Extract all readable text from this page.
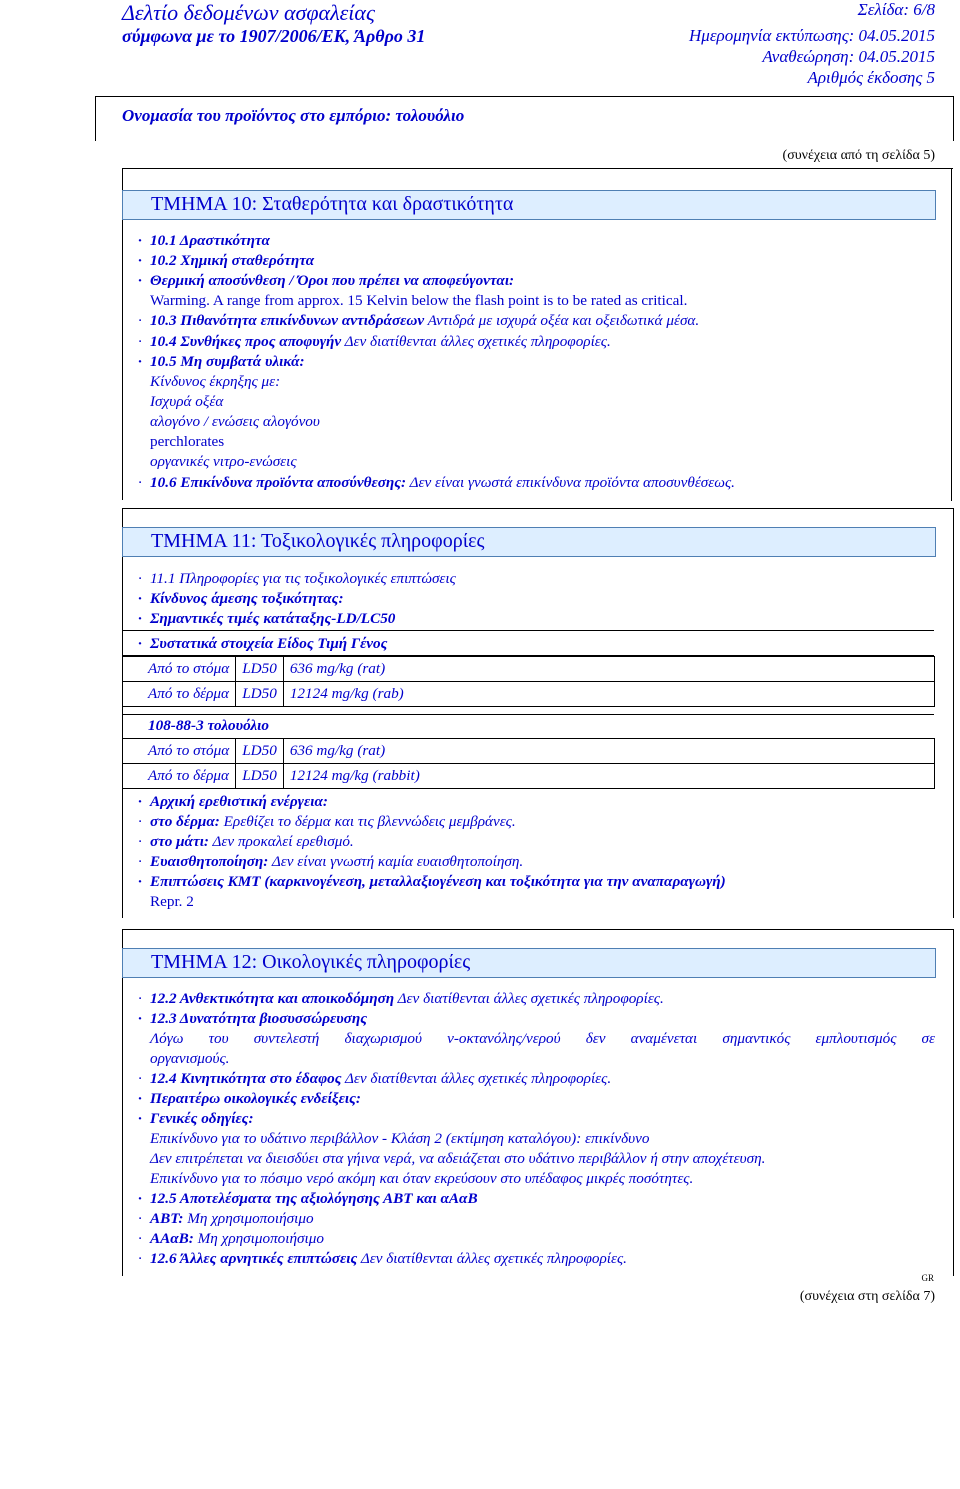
Δελτίο δεδομένων ασφαλείας
σύμφωνα με το 1907/2006/ΕΚ, Άρθρο 31
Σελίδα: 6/8
Ημερομηνία εκτύπωσης: 04.05.2015
Αναθεώρηση: 04.05.2015
Αριθμός έκδοσης 5
Ονομασία του προϊόντος στο εμπόριο: τολουόλιο
(συνέχεια από τη σελίδα 5)
ΤΜΗΜΑ 10: Σταθερότητα και δραστικότητα
· 10.1 Δραστικότητα
· 10.2 Χημική σταθερότητα
· Θερμική αποσύνθεση / Όροι που πρέπει να αποφεύγονται:
Warming. A range from approx. 15 Kelvin below the flash point is to be rated as critical.
· 10.3 Πιθανότητα επικίνδυνων αντιδράσεων Αντιδρά με ισχυρά οξέα και οξειδωτικά μέσα.
· 10.4 Συνθήκες προς αποφυγήν Δεν διατίθενται άλλες σχετικές πληροφορίες.
· 10.5 Μη συμβατά υλικά:
Κίνδυνος έκρηξης με:
Ισχυρά οξέα
αλογόνο / ενώσεις αλογόνου
perchlorates
οργανικές νιτρο-ενώσεις
· 10.6 Επικίνδυνα προϊόντα αποσύνθεσης: Δεν είναι γνωστά επικίνδυνα προϊόντα αποσυνθέσεως.
ΤΜΗΜΑ 11: Τοξικολογικές πληροφορίες
· 11.1 Πληροφορίες για τις τοξικολογικές επιπτώσεις
· Κίνδυνος άμεσης τοξικότητας:
· Σημαντικές τιμές κατάταξης-LD/LC50
· Συστατικά στοιχεία Είδος Τιμή Γένος
Από το στόμα	LD50	636 mg/kg (rat)
Από το δέρμα	LD50	12124 mg/kg (rab)
108-88-3 τολουόλιο
Από το στόμα	LD50	636 mg/kg (rat)
Από το δέρμα	LD50	12124 mg/kg (rabbit)
· Αρχική ερεθιστική ενέργεια:
· στο δέρμα: Ερεθίζει το δέρμα και τις βλεννώδεις μεμβράνες.
· στο μάτι: Δεν προκαλεί ερεθισμό.
· Ευαισθητοποίηση: Δεν είναι γνωστή καμία ευαισθητοποίηση.
· Επιπτώσεις ΚΜΤ (καρκινογένεση, μεταλλαξιογένεση και τοξικότητα για την αναπαραγωγή)
Repr. 2
ΤΜΗΜΑ 12: Οικολογικές πληροφορίες
· 12.2 Ανθεκτικότητα και αποικοδόμηση Δεν διατίθενται άλλες σχετικές πληροφορίες.
· 12.3 Δυνατότητα βιοσυσσώρευσης
Λόγω του συντελεστή διαχωρισμού ν-οκτανόλης/νερού δεν αναμένεται σημαντικός εμπλουτισμός σε
οργανισμούς.
· 12.4 Κινητικότητα στο έδαφος Δεν διατίθενται άλλες σχετικές πληροφορίες.
· Περαιτέρω οικολογικές ενδείξεις:
· Γενικές οδηγίες:
Επικίνδυνο για το υδάτινο περιβάλλον - Κλάση 2 (εκτίμηση καταλόγου): επικίνδυνο
Δεν επιτρέπεται να διεισδύει στα γήινα νερά, να αδειάζεται στο υδάτινο περιβάλλον ή στην αποχέτευση.
Επικίνδυνο για το πόσιμο νερό ακόμη και όταν εκρεύσουν στο υπέδαφος μικρές ποσότητες.
· 12.5 Αποτελέσματα της αξιολόγησης ΑΒΤ και αΑαΒ
· ΑΒΤ: Μη χρησιμοποιήσιμο
· ΑΑαΒ: Μη χρησιμοποιήσιμο
· 12.6 Άλλες αρνητικές επιπτώσεις Δεν διατίθενται άλλες σχετικές πληροφορίες.
GR
(συνέχεια στη σελίδα 7)
